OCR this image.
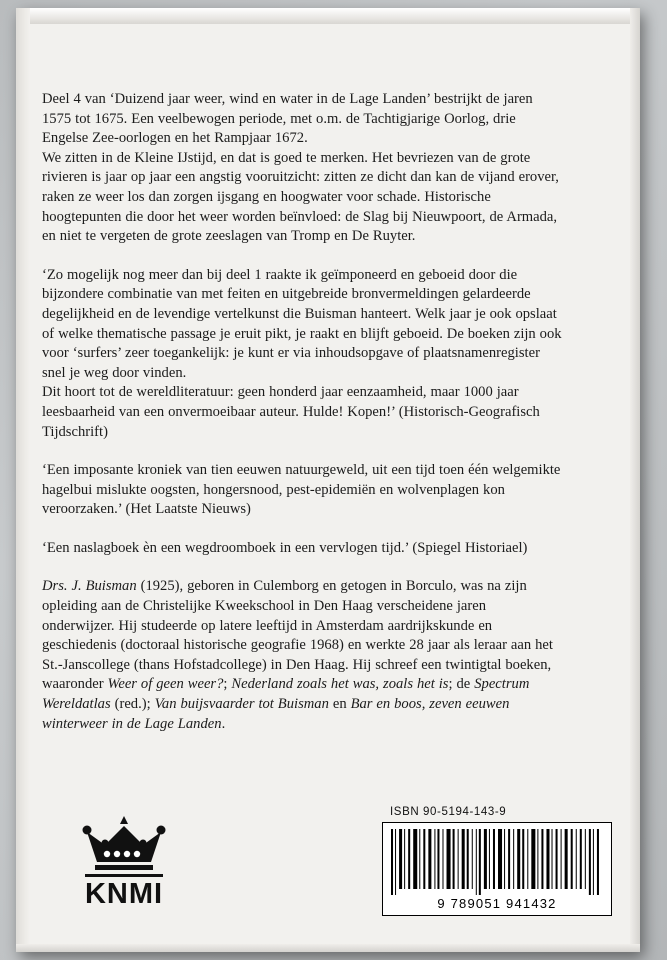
Deel 4 van ‘Duizend jaar weer, wind en water in de Lage Landen’ bestrijkt de jaren 1575 tot 1675. Een veelbewogen periode, met o.m. de Tachtigjarige Oorlog, drie Engelse Zee-oorlogen en het Rampjaar 1672.

We zitten in de Kleine IJstijd, en dat is goed te merken. Het bevriezen van de grote rivieren is jaar op jaar een angstig vooruitzicht: zitten ze dicht dan kan de vijand erover, raken ze weer los dan zorgen ijsgang en hoogwater voor schade. Historische hoogtepunten die door het weer worden beïnvloed: de Slag bij Nieuwpoort, de Armada, en niet te vergeten de grote zeeslagen van Tromp en De Ruyter.

‘Zo mogelijk nog meer dan bij deel 1 raakte ik geïmponeerd en geboeid door die bijzondere combinatie van met feiten en uitgebreide bronvermeldingen gelardeerde degelijkheid en de levendige vertelkunst die Buisman hanteert. Welk jaar je ook opslaat of welke thematische passage je eruit pikt, je raakt en blijft geboeid. De boeken zijn ook voor ‘surfers’ zeer toegankelijk: je kunt er via inhoudsopgave of plaatsnamenregister snel je weg door vinden.

Dit hoort tot de wereldliteratuur: geen honderd jaar eenzaamheid, maar 1000 jaar leesbaarheid van een onvermoeibaar auteur. Hulde! Kopen!’ (Historisch-Geografisch Tijdschrift)

‘Een imposante kroniek van tien eeuwen natuurgeweld, uit een tijd toen één welgemikte hagelbui mislukte oogsten, hongersnood, pest-epidemiën en wolvenplagen kon veroorzaken.’ (Het Laatste Nieuws)

‘Een naslagboek èn een wegdroomboek in een vervlogen tijd.’ (Spiegel Historiael)

Drs. J. Buisman (1925), geboren in Culemborg en getogen in Borculo, was na zijn opleiding aan de Christelijke Kweekschool in Den Haag verscheidene jaren onderwijzer. Hij studeerde op latere leeftijd in Amsterdam aardrijkskunde en geschiedenis (doctoraal historische geografie 1968) en werkte 28 jaar als leraar aan het St.-Janscollege (thans Hofstadcollege) in Den Haag. Hij schreef een twintigtal boeken, waaronder Weer of geen weer?; Nederland zoals het was, zoals het is; de Spectrum Wereldatlas (red.); Van buijsvaarder tot Buisman en Bar en boos, zeven eeuwen winterweer in de Lage Landen.

KNMI
ISBN 90-5194-143-9
9 789051 941432
